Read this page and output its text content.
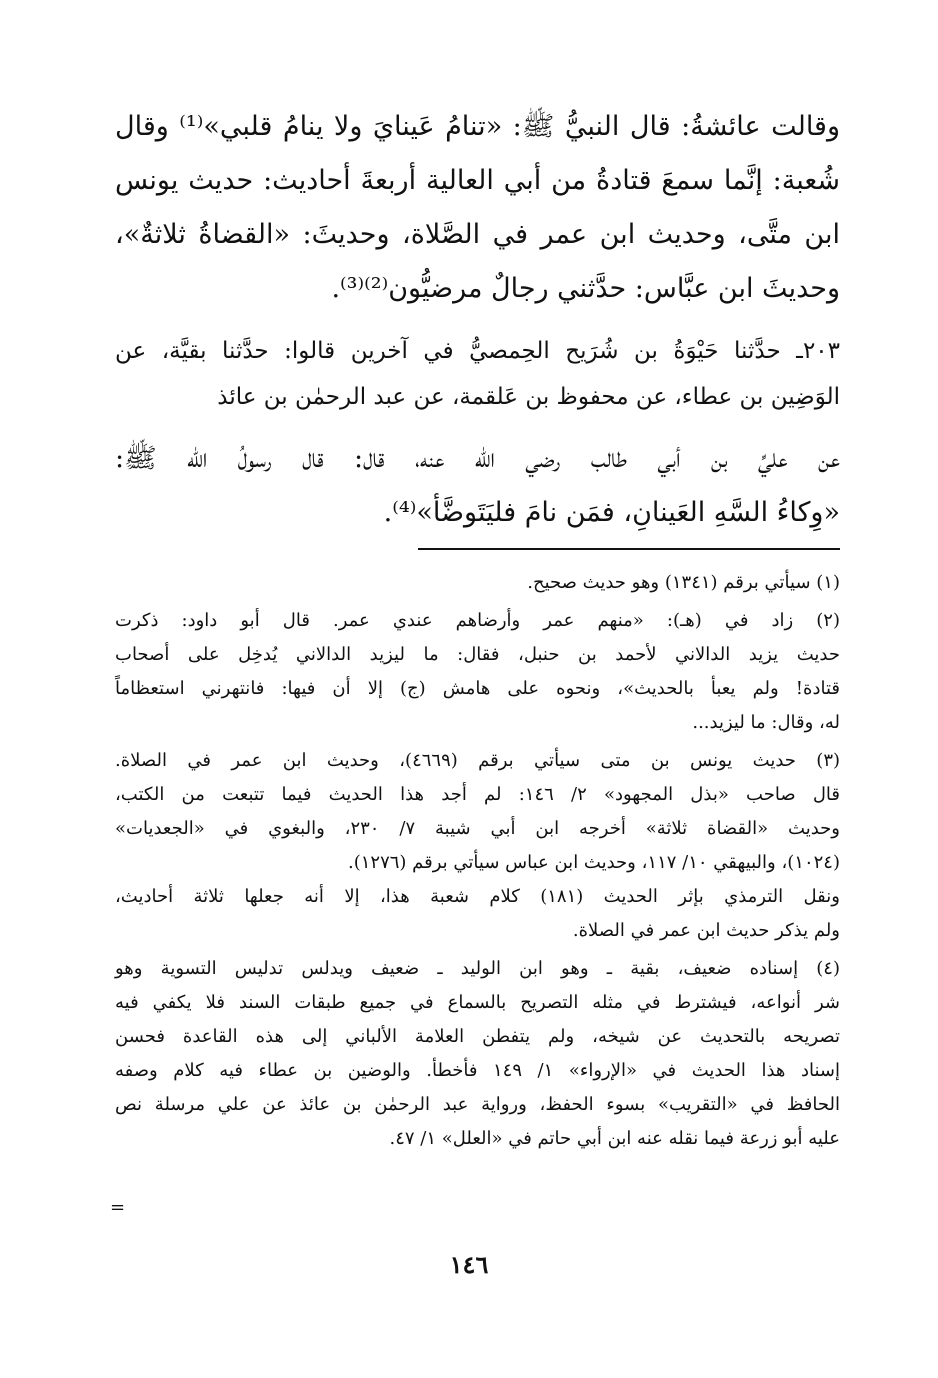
وقالت عائشةُ: قال النبيُّ ﷺ: «تنامُ عَينايَ ولا ينامُ قلبي»⁽¹⁾ وقال
شُعبة: إنَّما سمعَ قتادةُ من أبي العالية أربعةَ أحاديث: حديث يونس
ابن متَّى، وحديث ابن عمر في الصَّلاة، وحديثَ: «القضاةُ ثلاثةٌ»،
وحديثَ ابن عبَّاس: حدَّثني رجالٌ مرضيُّون⁽²⁾⁽³⁾.
٢٠٣ـ حدَّثنا حَيْوَةُ بن شُرَيح الحِمصيُّ في آخرين قالوا: حدَّثنا بقيَّة، عن
الوَضِين بن عطاء، عن محفوظ بن عَلقمة، عن عبد الرحمٰن بن عائذ
عن عليِّ بن أبي طالب رضي الله عنه، قال: قال رسولُ الله ﷺ:
«وِكاءُ السَّهِ العَينانِ، فمَن نامَ فليَتَوضَّأ»⁽⁴⁾.
(١) سيأتي برقم (١٣٤١) وهو حديث صحيح.
(٢) زاد في (هـ): «منهم عمر وأرضاهم عندي عمر. قال أبو داود: ذكرت
حديث يزيد الدالاني لأحمد بن حنبل، فقال: ما ليزيد الدالاني يُدخِل على أصحاب
قتادة! ولم يعبأ بالحديث»، ونحوه على هامش (ج) إلا أن فيها: فانتهرني استعظاماً
له، وقال: ما ليزيد...
(٣) حديث يونس بن متى سيأتي برقم (٤٦٦٩)، وحديث ابن عمر في الصلاة.
قال صاحب «بذل المجهود» ٢/ ١٤٦: لم أجد هذا الحديث فيما تتبعت من الكتب،
وحديث «القضاة ثلاثة» أخرجه ابن أبي شيبة ٧/ ٢٣٠، والبغوي في «الجعديات»
(١٠٢٤)، والبيهقي ١٠/ ١١٧، وحديث ابن عباس سيأتي برقم (١٢٧٦).
ونقل الترمذي بإثر الحديث (١٨١) كلام شعبة هذا، إلا أنه جعلها ثلاثة أحاديث،
ولم يذكر حديث ابن عمر في الصلاة.
(٤) إسناده ضعيف، بقية ـ وهو ابن الوليد ـ ضعيف ويدلس تدليس التسوية وهو
شر أنواعه، فيشترط في مثله التصريح بالسماع في جميع طبقات السند فلا يكفي فيه
تصريحه بالتحديث عن شيخه، ولم يتفطن العلامة الألباني إلى هذه القاعدة فحسن
إسناد هذا الحديث في «الإرواء» ١/ ١٤٩ فأخطأ. والوضين بن عطاء فيه كلام وصفه
الحافظ في «التقريب» بسوء الحفظ، ورواية عبد الرحمٰن بن عائذ عن علي مرسلة نص
عليه أبو زرعة فيما نقله عنه ابن أبي حاتم في «العلل» ١/ ٤٧.
=
١٤٦
